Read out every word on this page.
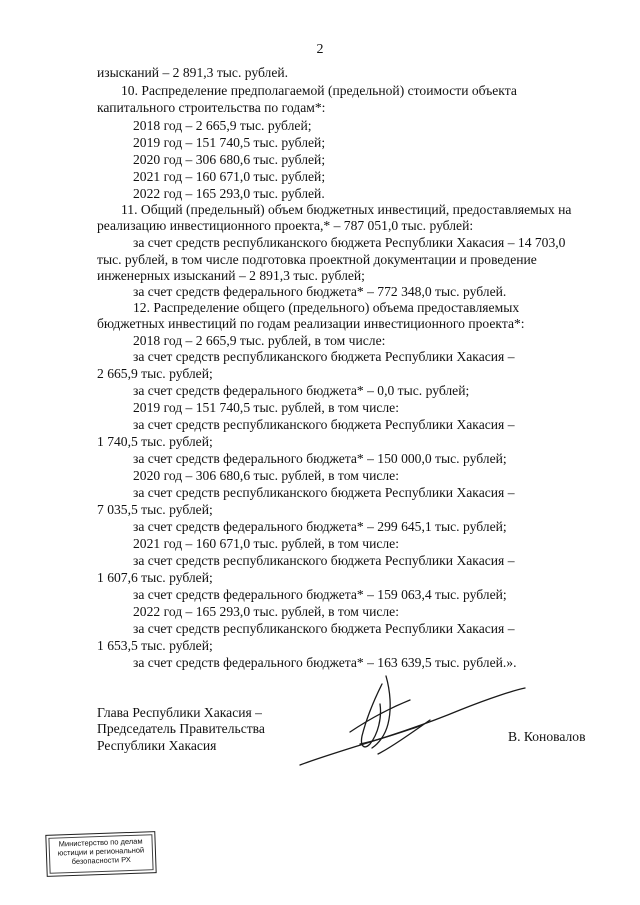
2
изысканий – 2 891,3 тыс. рублей.
10. Распределение предполагаемой (предельной) стоимости объекта
капитального строительства по годам*:
2018 год – 2 665,9 тыс. рублей;
2019 год – 151 740,5 тыс. рублей;
2020 год – 306 680,6 тыс. рублей;
2021 год – 160 671,0 тыс. рублей;
2022 год – 165 293,0 тыс. рублей.
11. Общий (предельный) объем бюджетных инвестиций, предоставляемых на
реализацию инвестиционного проекта,* – 787 051,0 тыс. рублей:
за счет средств республиканского бюджета Республики Хакасия – 14 703,0
тыс. рублей, в том числе подготовка проектной документации и проведение
инженерных изысканий – 2 891,3 тыс. рублей;
за счет средств федерального бюджета* – 772 348,0 тыс. рублей.
12. Распределение общего (предельного) объема предоставляемых
бюджетных инвестиций по годам реализации инвестиционного проекта*:
2018 год – 2 665,9 тыс. рублей, в том числе:
за счет средств республиканского бюджета Республики Хакасия –
2 665,9 тыс. рублей;
за счет средств федерального бюджета* – 0,0 тыс. рублей;
2019 год – 151 740,5 тыс. рублей, в том числе:
за счет средств республиканского бюджета Республики Хакасия –
1 740,5 тыс. рублей;
за счет средств федерального бюджета* – 150 000,0 тыс. рублей;
2020 год – 306 680,6 тыс. рублей, в том числе:
за счет средств республиканского бюджета Республики Хакасия –
7 035,5 тыс. рублей;
за счет средств федерального бюджета* – 299 645,1 тыс. рублей;
2021 год – 160 671,0 тыс. рублей, в том числе:
за счет средств республиканского бюджета Республики Хакасия –
1 607,6 тыс. рублей;
за счет средств федерального бюджета* – 159 063,4 тыс. рублей;
2022 год – 165 293,0 тыс. рублей, в том числе:
за счет средств республиканского бюджета Республики Хакасия –
1 653,5 тыс. рублей;
за счет средств федерального бюджета* – 163 639,5 тыс. рублей.».
Глава Республики Хакасия –
Председатель Правительства
Республики Хакасия
В. Коновалов
Министерство по делам
юстиции и региональной
безопасности РХ
